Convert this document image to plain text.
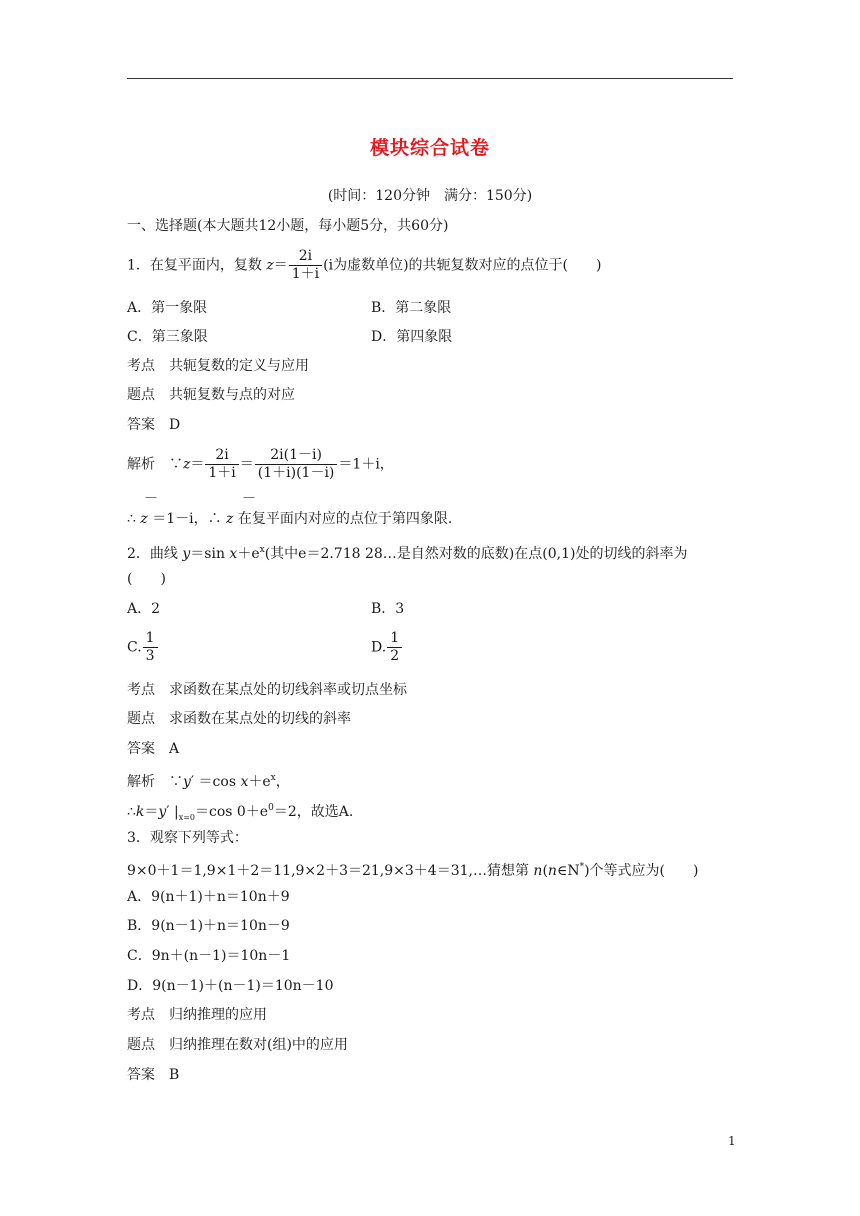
模块综合试卷
(时间：120分钟　满分：150分)
一、选择题(本大题共12小题，每小题5分，共60分)
1．在复平面内，复数 $z= \frac{2i}{1+i} (i$为虚数单位)的共轭复数对应的点位于(　　)
A．第一象限	B．第二象限
C．第三象限	D．第四象限
考点　共轭复数的定义与应用
题点　共轭复数与点的对应
答案　D
解析　∵z＝ $\frac{2i}{1+i} = \frac{2i(1-i)}{(1+i)(1-i)} =1+i$，
—	—
∴ z ＝1－i，∴ z 在复平面内对应的点位于第四象限.
2．曲线 y＝sin $x+e^x$(其中e＝2.718 28…是自然对数的底数)在点(0,1)处的切线的斜率为
(　　)
A．2	B．3
C. $\frac{1}{3}$	D. $\frac{1}{2}$
考点　求函数在某点处的切线斜率或切点坐标
题点　求函数在某点处的切线的斜率
答案　A
解析　∵y′ ＝cos $x+e^x$，
∴k＝y′ $|_{x=0}=\cos$ $0+e^0=2$，故选A.
3．观察下列等式：
9×0＋1＝1,9×1＋2＝11,9×2＋3＝21,9×3＋4＝31,…猜想第 n(n∈N*)个等式应为(　　)
A．9(n＋1)＋n＝10n＋9
B．9(n－1)＋n＝10n－9
C．9n＋(n－1)＝10n－1
D．9(n－1)＋(n－1)＝10n－10
考点　归纳推理的应用
题点　归纳推理在数对(组)中的应用
答案　B
1
